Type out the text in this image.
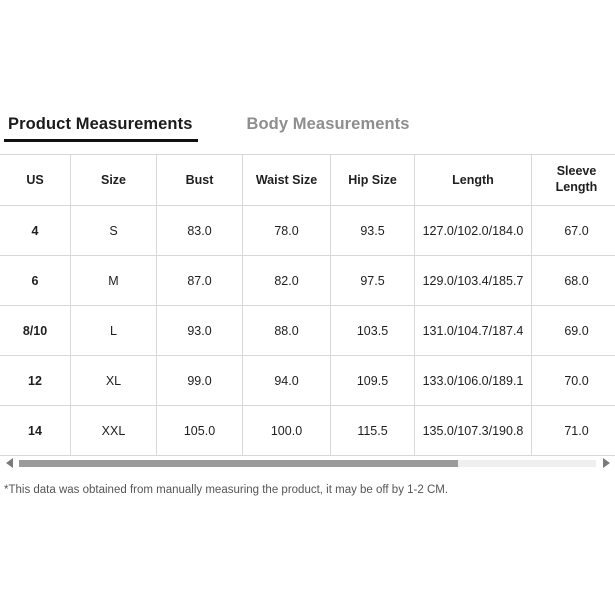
Product Measurements	Body Measurements
US	Size	Bust	Waist Size	Hip Size	Length	Sleeve
Length

4	S	83.0	78.0	93.5	127.0/102.0/184.0	67.0
6	M	87.0	82.0	97.5	129.0/103.4/185.7	68.0
8/10	L	93.0	88.0	103.5	131.0/104.7/187.4	69.0
12	XL	99.0	94.0	109.5	133.0/106.0/189.1	70.0
14	XXL	105.0	100.0	115.5	135.0/107.3/190.8	71.0
*This data was obtained from manually measuring the product, it may be off by 1-2 CM.
